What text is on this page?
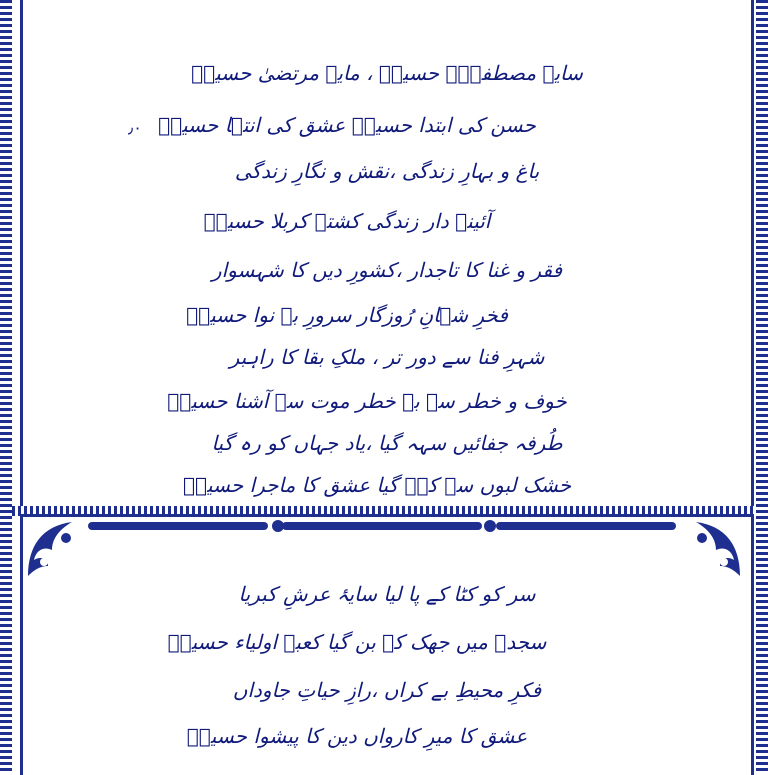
سایۂ مصطفیٰؐ حسینؑ ، مایۂ مرتضیٰ حسینؑ
حسن کی ابتدا حسینؑ عشق کی انتہا حسینؑ
باغ و بہارِ زندگی ،نقش و نگارِ زندگی
آئینہ دار زندگی کشتۂ کربلا حسینؑ
فقر و غنا کا تاجدار ،کشورِ دیں کا شہسوار
فخرِ شہانِ رُوزگار سرورِ بے نوا حسینؑ
شہرِ فنا سے دور تر ، ملکِ بقا کا راہبر
خوف و خطر سے بے خطر موت سے آشنا حسینؑ
طُرفہ جفائیں سہہ گیا ،یاد جہاں کو رہ گیا
خشک لبوں سے کہہ گیا عشق کا ماجرا حسینؑ
٫٠
سر کو کٹا کے پا لیا سایۂ عرشِ کبریا
سجدہ میں جھک کے بن گیا کعبۂ اولیاء حسینؑ
فکرِ محیطِ بے کراں ،رازِ حیاتِ جاوداں
عشق کا میرِ کارواں دین کا پیشوا حسینؑ
